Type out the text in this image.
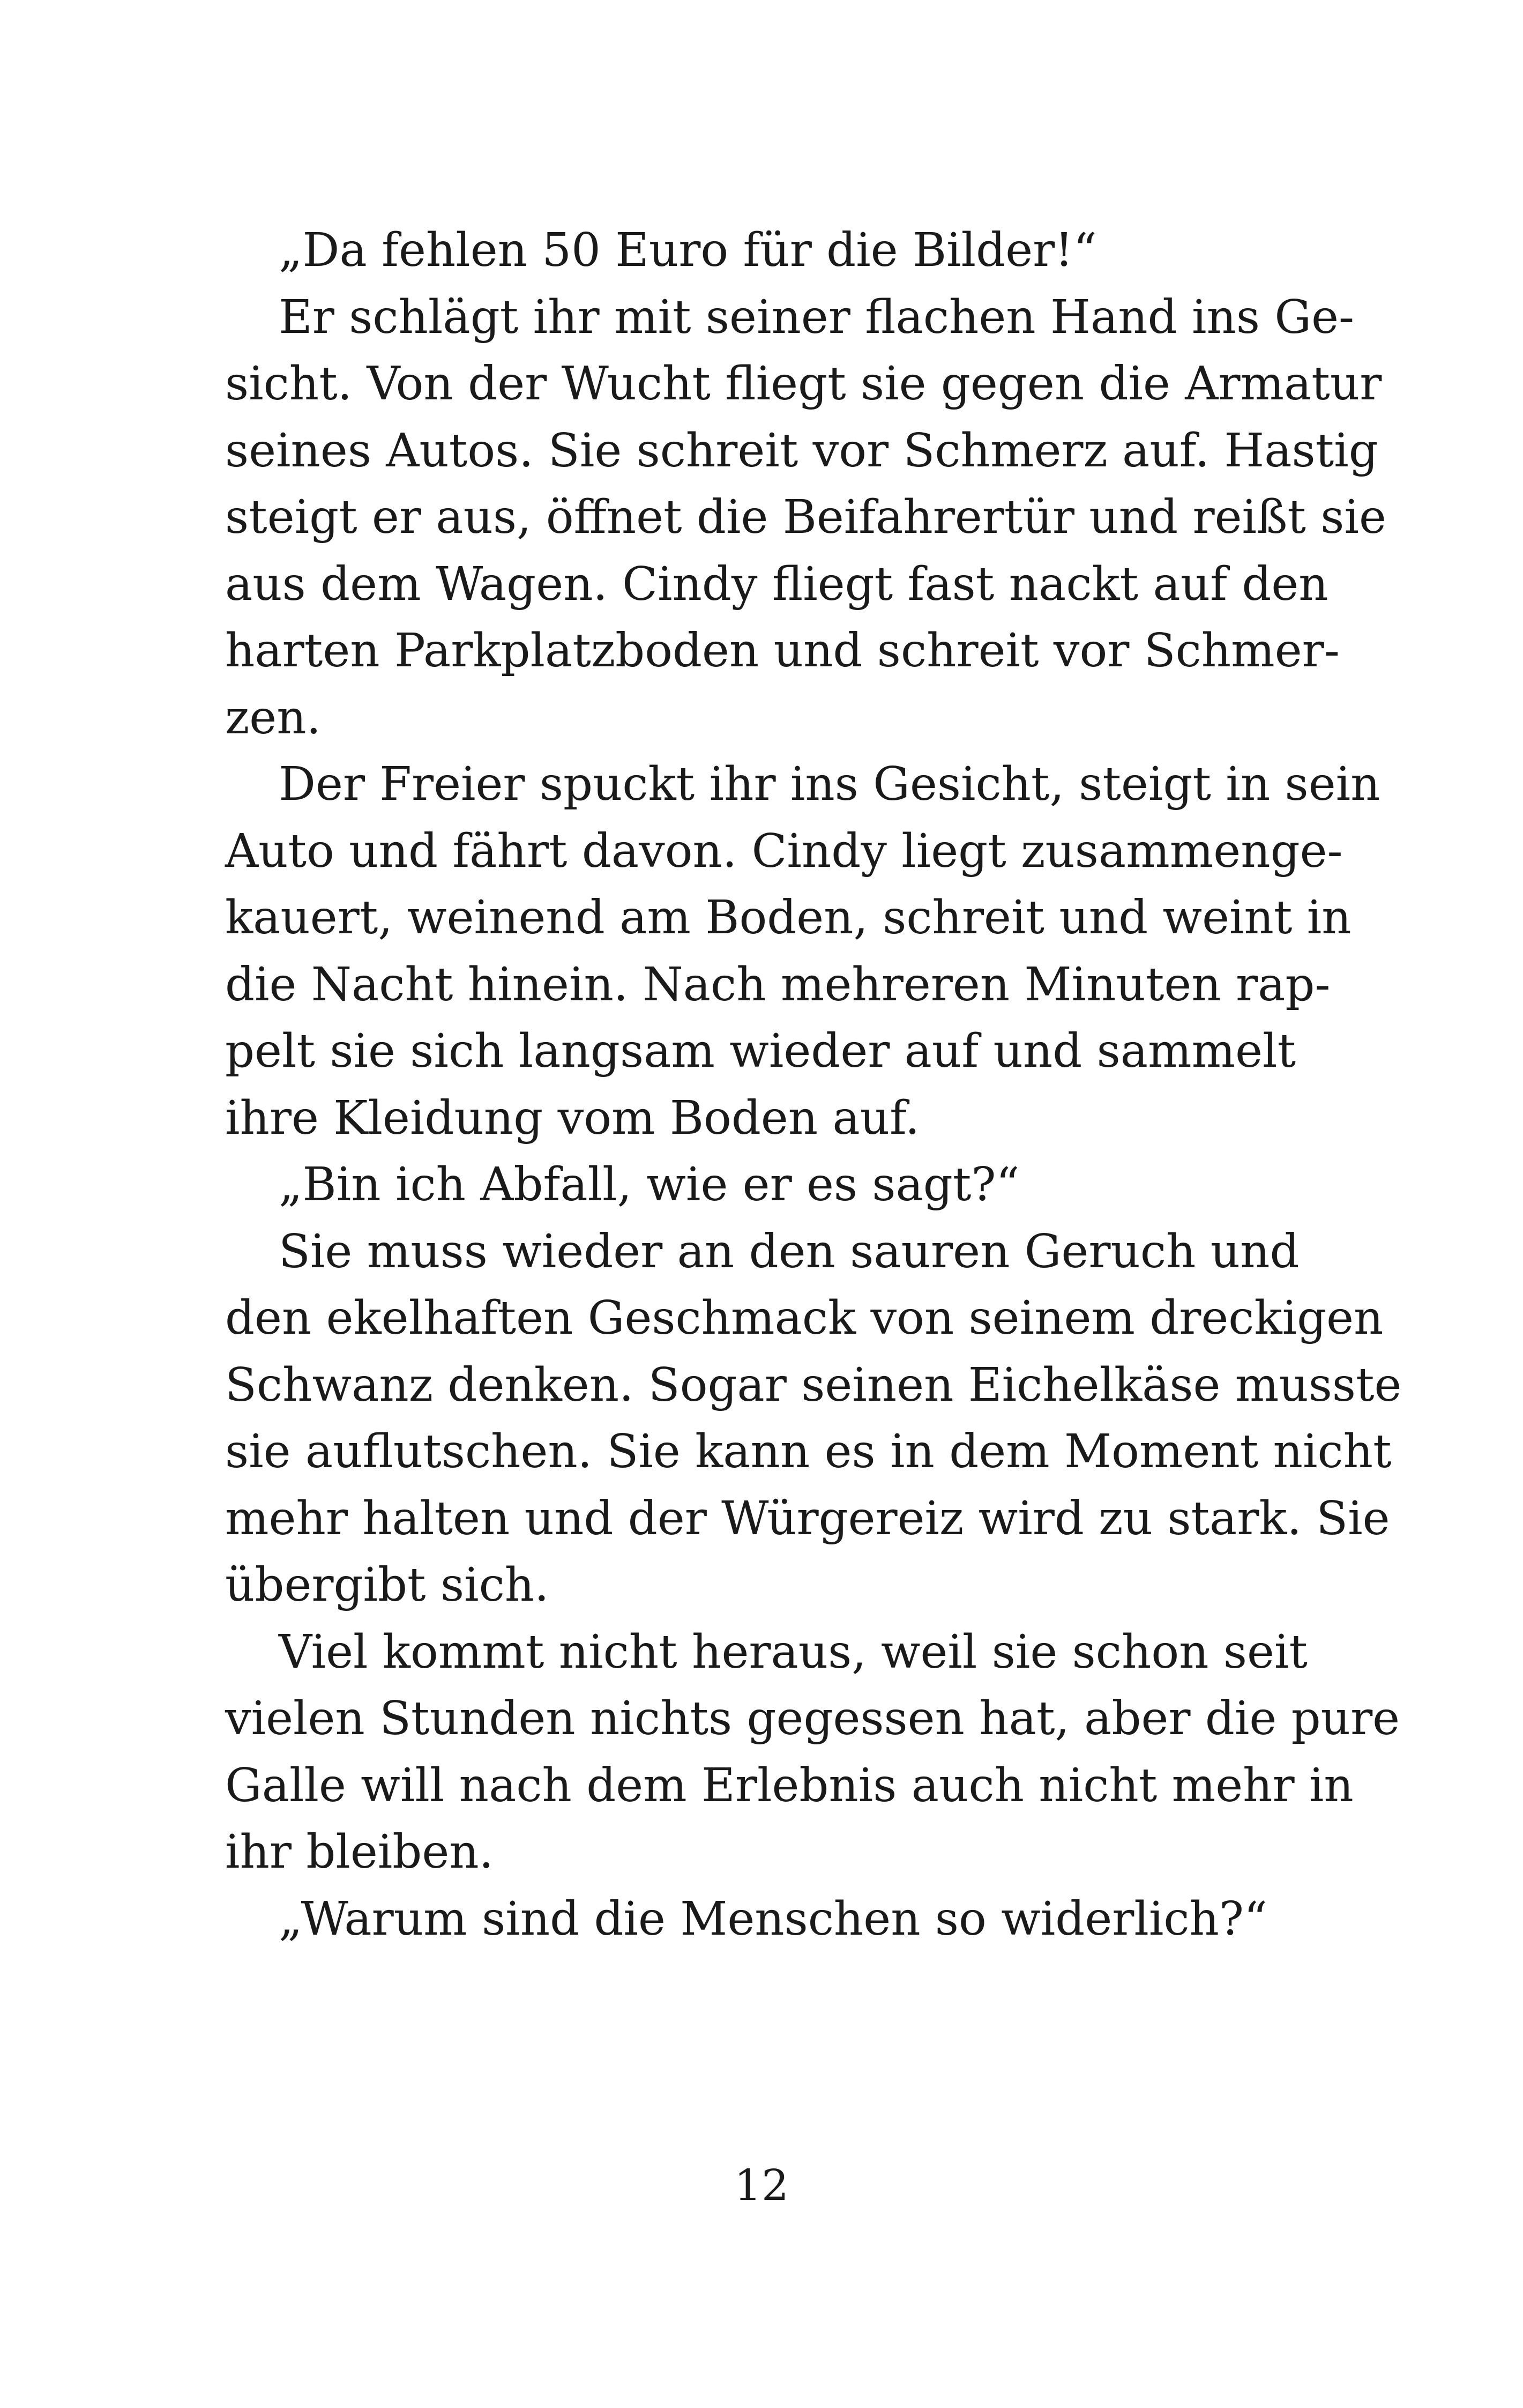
„Da fehlen 50 Euro für die Bilder!“
Er schlägt ihr mit seiner flachen Hand ins Ge-
sicht. Von der Wucht fliegt sie gegen die Armatur
seines Autos. Sie schreit vor Schmerz auf. Hastig
steigt er aus, öffnet die Beifahrertür und reißt sie
aus dem Wagen. Cindy fliegt fast nackt auf den
harten Parkplatzboden und schreit vor Schmer-
zen.
Der Freier spuckt ihr ins Gesicht, steigt in sein
Auto und fährt davon. Cindy liegt zusammenge-
kauert, weinend am Boden, schreit und weint in
die Nacht hinein. Nach mehreren Minuten rap-
pelt sie sich langsam wieder auf und sammelt
ihre Kleidung vom Boden auf.
„Bin ich Abfall, wie er es sagt?“
Sie muss wieder an den sauren Geruch und
den ekelhaften Geschmack von seinem dreckigen
Schwanz denken. Sogar seinen Eichelkäse musste
sie auflutschen. Sie kann es in dem Moment nicht
mehr halten und der Würgereiz wird zu stark. Sie
übergibt sich.
Viel kommt nicht heraus, weil sie schon seit
vielen Stunden nichts gegessen hat, aber die pure
Galle will nach dem Erlebnis auch nicht mehr in
ihr bleiben.
„Warum sind die Menschen so widerlich?“
12
